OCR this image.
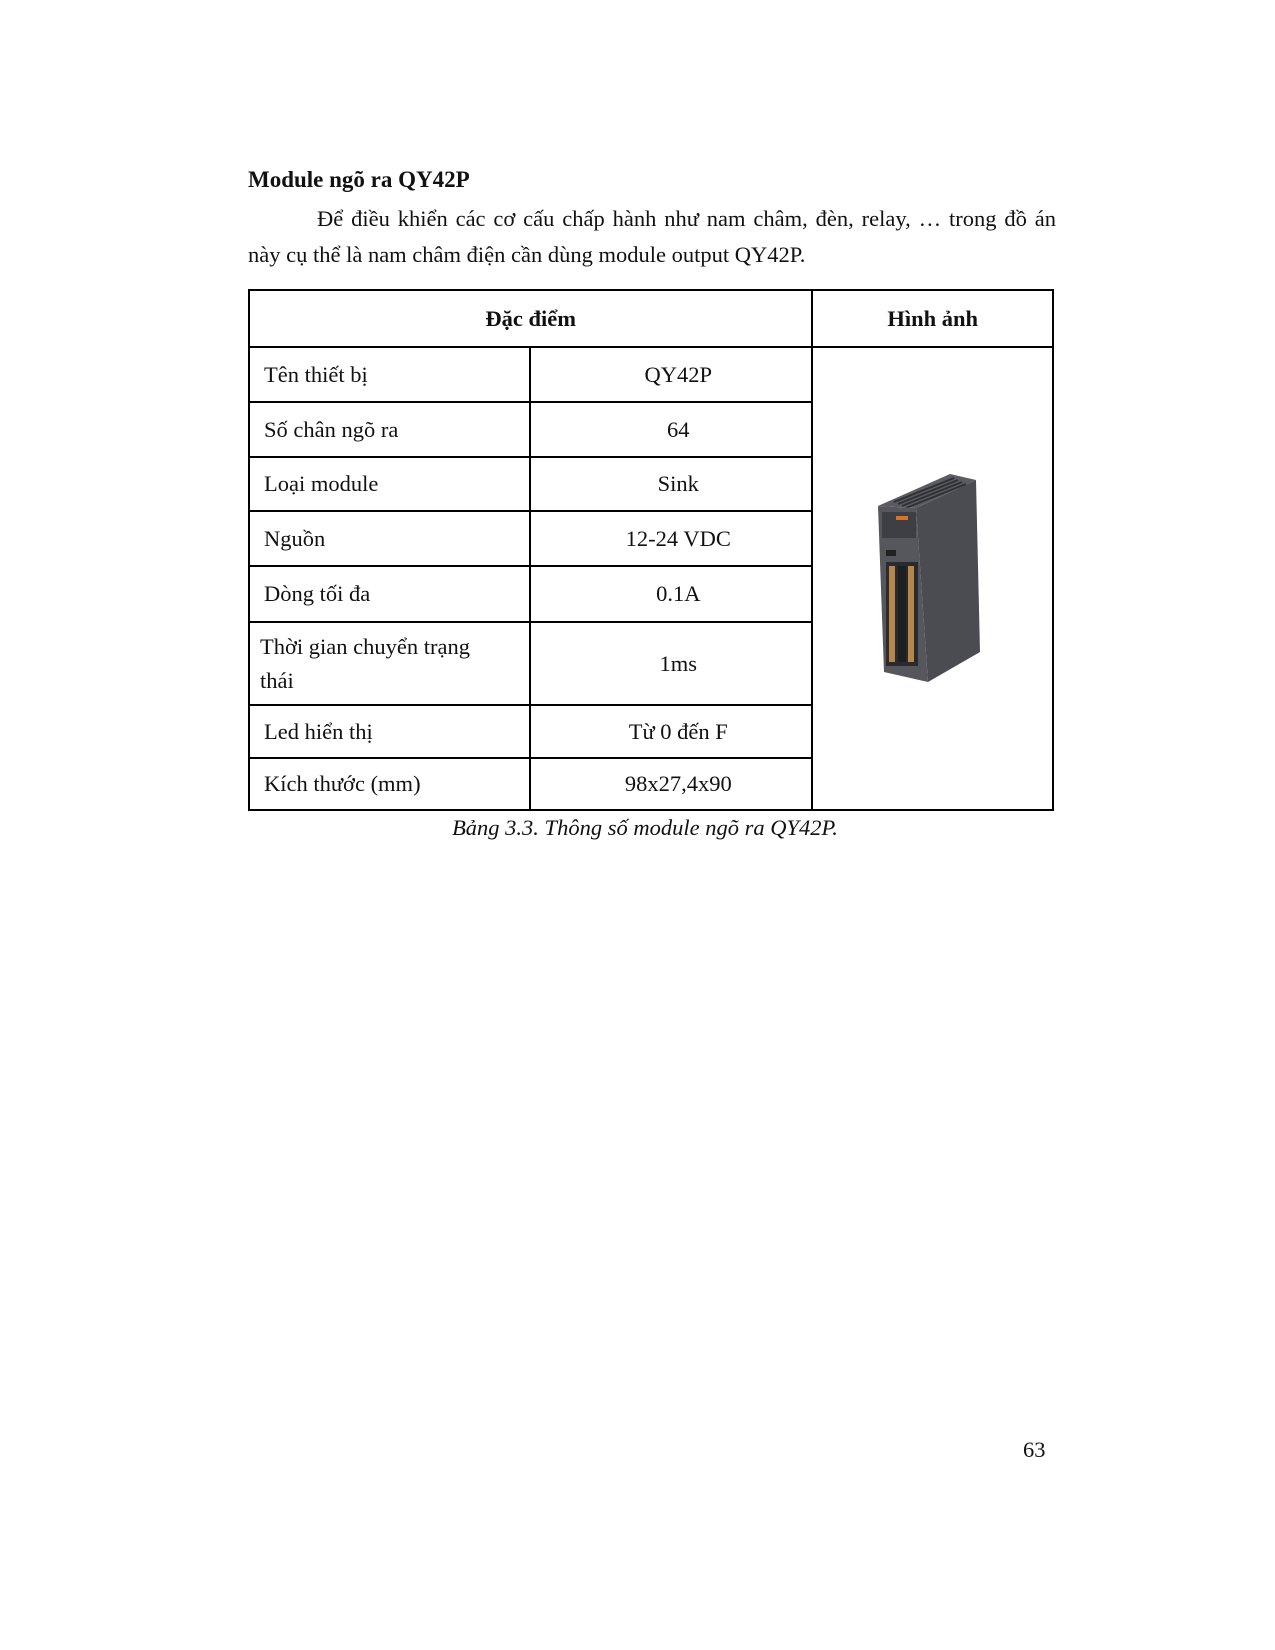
Module ngõ ra QY42P
Để điều khiển các cơ cấu chấp hành như nam châm, đèn, relay, … trong đồ án này cụ thể là nam châm điện cần dùng module output QY42P.
Đặc điểm		Hình ảnh
Tên thiết bị	QY42P	
Số chân ngõ ra	64	
Loại module	Sink	
Nguồn	12-24 VDC	
Dòng tối đa	0.1A	
Thời gian chuyển trạng thái	1ms	
Led hiển thị	Từ 0 đến F	
Kích thước (mm)	98x27,4x90	
Bảng 3.3. Thông số module ngõ ra QY42P.
63
